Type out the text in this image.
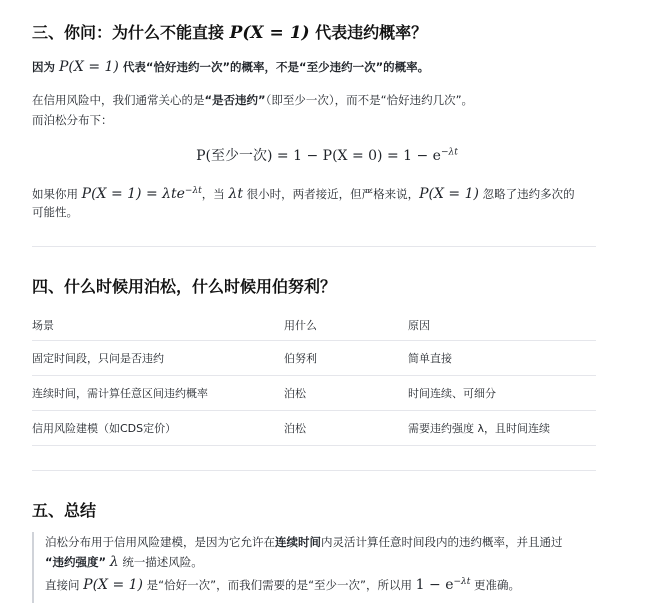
三、你问：为什么不能直接 P(X = 1) 代表违约概率？
因为 P(X = 1) 代表“恰好违约一次”的概率，不是“至少违约一次”的概率。
在信用风险中，我们通常关心的是“是否违约”（即至少一次），而不是“恰好违约几次”。
而泊松分布下：
P(至少一次) = $1 - P(X = 0) = 1 - e^{-\lambda t}$
如果你用 P(X = 1) = λte$^{-\lambda t}$，当 λt 很小时，两者接近，但严格来说，P(X = 1) 忽略了违约多次的
可能性。
四、什么时候用泊松，什么时候用伯努利？
场景	用什么	原因
固定时间段，只问是否违约	伯努利	简单直接
连续时间，需计算任意区间违约概率	泊松	时间连续、可细分
信用风险建模（如CDS定价）	泊松	需要违约强度 λ，且时间连续
五、总结
泊松分布用于信用风险建模，是因为它允许在连续时间内灵活计算任意时间段内的违约概率，并且通过
“违约强度” λ 统一描述风险。
直接问 P(X = 1) 是“恰好一次”，而我们需要的是“至少一次”，所以用 $1 - e^{-\lambda t}$ 更准确。
